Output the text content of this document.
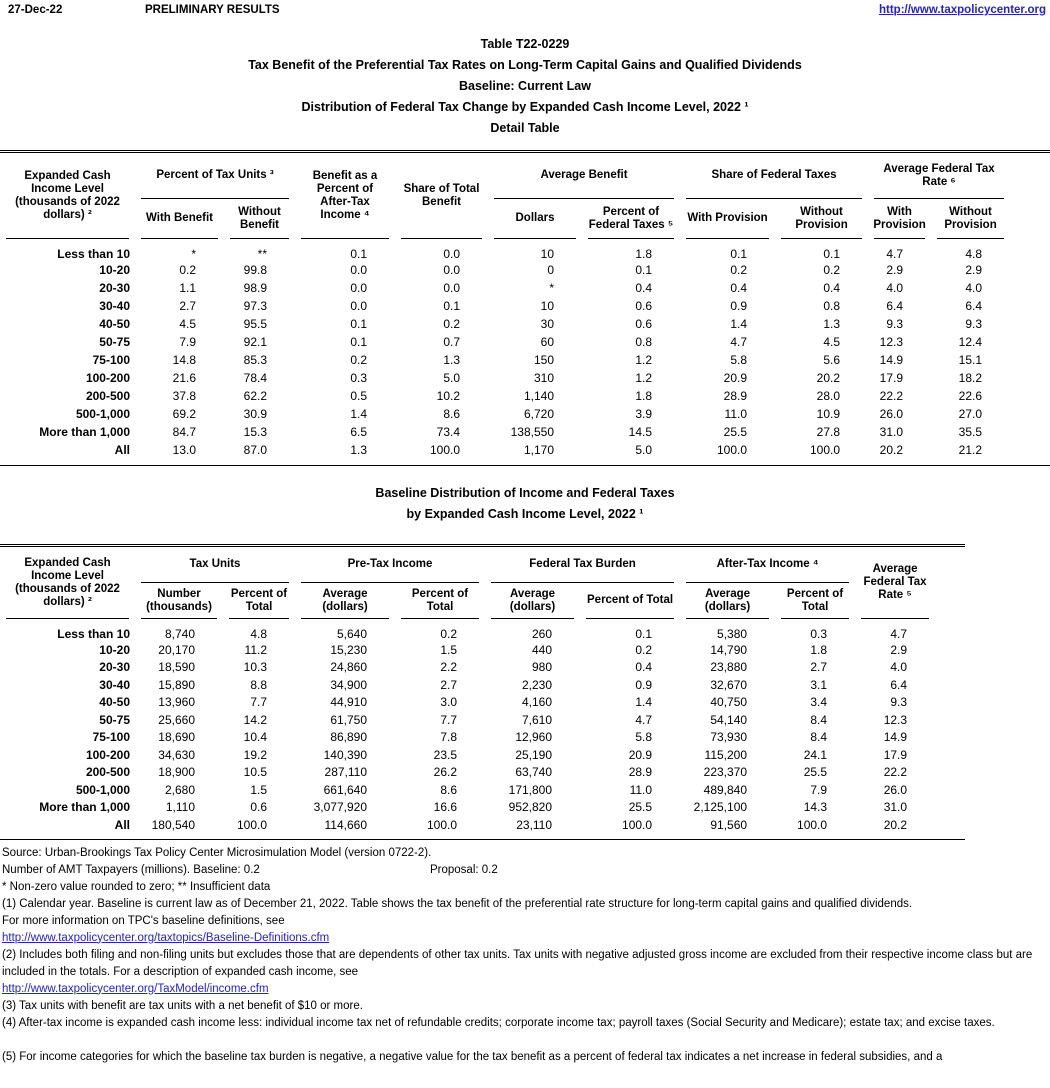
27-Dec-22	PRELIMINARY RESULTS	http://www.taxpolicycenter.org
Table T22-0229
Tax Benefit of the Preferential Tax Rates on Long-Term Capital Gains and Qualified Dividends
Baseline: Current Law
Distribution of Federal Tax Change by Expanded Cash Income Level, 2022 ¹
Detail Table
Expanded Cash Income Level (thousands of 2022 dollars) ²	Percent of Tax Units ³		Benefit as a Percent of After-Tax Income ⁴	Share of Total Benefit	Average Benefit		Share of Federal Taxes		Average Federal Tax Rate ⁶	

With Benefit	Without Benefit			Dollars	Percent of Federal Taxes ⁵	With Provision	Without Provision	With Provision	Without Provision

Less than 10	*	**	0.1	0.0	10	1.8	0.1	0.1	4.7	4.8
10-20	0.2	99.8	0.0	0.0	0	0.1	0.2	0.2	2.9	2.9
20-30	1.1	98.9	0.0	0.0	*	0.4	0.4	0.4	4.0	4.0
30-40	2.7	97.3	0.0	0.1	10	0.6	0.9	0.8	6.4	6.4
40-50	4.5	95.5	0.1	0.2	30	0.6	1.4	1.3	9.3	9.3
50-75	7.9	92.1	0.1	0.7	60	0.8	4.7	4.5	12.3	12.4
75-100	14.8	85.3	0.2	1.3	150	1.2	5.8	5.6	14.9	15.1
100-200	21.6	78.4	0.3	5.0	310	1.2	20.9	20.2	17.9	18.2
200-500	37.8	62.2	0.5	10.2	1,140	1.8	28.9	28.0	22.2	22.6
500-1,000	69.2	30.9	1.4	8.6	6,720	3.9	11.0	10.9	26.0	27.0
More than 1,000	84.7	15.3	6.5	73.4	138,550	14.5	25.5	27.8	31.0	35.5
All	13.0	87.0	1.3	100.0	1,170	5.0	100.0	100.0	20.2	21.2
Baseline Distribution of Income and Federal Taxes
by Expanded Cash Income Level, 2022 ¹
Expanded Cash Income Level (thousands of 2022 dollars) ²	Tax Units		Pre-Tax Income		Federal Tax Burden		After-Tax Income ⁴		Average Federal Tax Rate ⁵

Number (thousands)	Percent of Total	Average (dollars)	Percent of Total	Average (dollars)	Percent of Total	Average (dollars)	Percent of Total	

Less than 10	8,740	4.8	5,640	0.2	260	0.1	5,380	0.3	4.7
10-20	20,170	11.2	15,230	1.5	440	0.2	14,790	1.8	2.9
20-30	18,590	10.3	24,860	2.2	980	0.4	23,880	2.7	4.0
30-40	15,890	8.8	34,900	2.7	2,230	0.9	32,670	3.1	6.4
40-50	13,960	7.7	44,910	3.0	4,160	1.4	40,750	3.4	9.3
50-75	25,660	14.2	61,750	7.7	7,610	4.7	54,140	8.4	12.3
75-100	18,690	10.4	86,890	7.8	12,960	5.8	73,930	8.4	14.9
100-200	34,630	19.2	140,390	23.5	25,190	20.9	115,200	24.1	17.9
200-500	18,900	10.5	287,110	26.2	63,740	28.9	223,370	25.5	22.2
500-1,000	2,680	1.5	661,640	8.6	171,800	11.0	489,840	7.9	26.0
More than 1,000	1,110	0.6	3,077,920	16.6	952,820	25.5	2,125,100	14.3	31.0
All	180,540	100.0	114,660	100.0	23,110	100.0	91,560	100.0	20.2
Source: Urban-Brookings Tax Policy Center Microsimulation Model (version 0722-2).
Number of AMT Taxpayers (millions). Baseline: 0.2	Proposal: 0.2
* Non-zero value rounded to zero; ** Insufficient data
(1) Calendar year. Baseline is current law as of December 21, 2022. Table shows the tax benefit of the preferential rate structure for long-term capital gains and qualified dividends.
For more information on TPC's baseline definitions, see
http://www.taxpolicycenter.org/taxtopics/Baseline-Definitions.cfm
(2) Includes both filing and non-filing units but excludes those that are dependents of other tax units. Tax units with negative adjusted gross income are excluded from their respective income class but are included in the totals. For a description of expanded cash income, see
http://www.taxpolicycenter.org/TaxModel/income.cfm
(3) Tax units with benefit are tax units with a net benefit of $10 or more.
(4) After-tax income is expanded cash income less: individual income tax net of refundable credits; corporate income tax; payroll taxes (Social Security and Medicare); estate tax; and excise taxes.
(5) For income categories for which the baseline tax burden is negative, a negative value for the tax benefit as a percent of federal tax indicates a net increase in federal subsidies, and a
